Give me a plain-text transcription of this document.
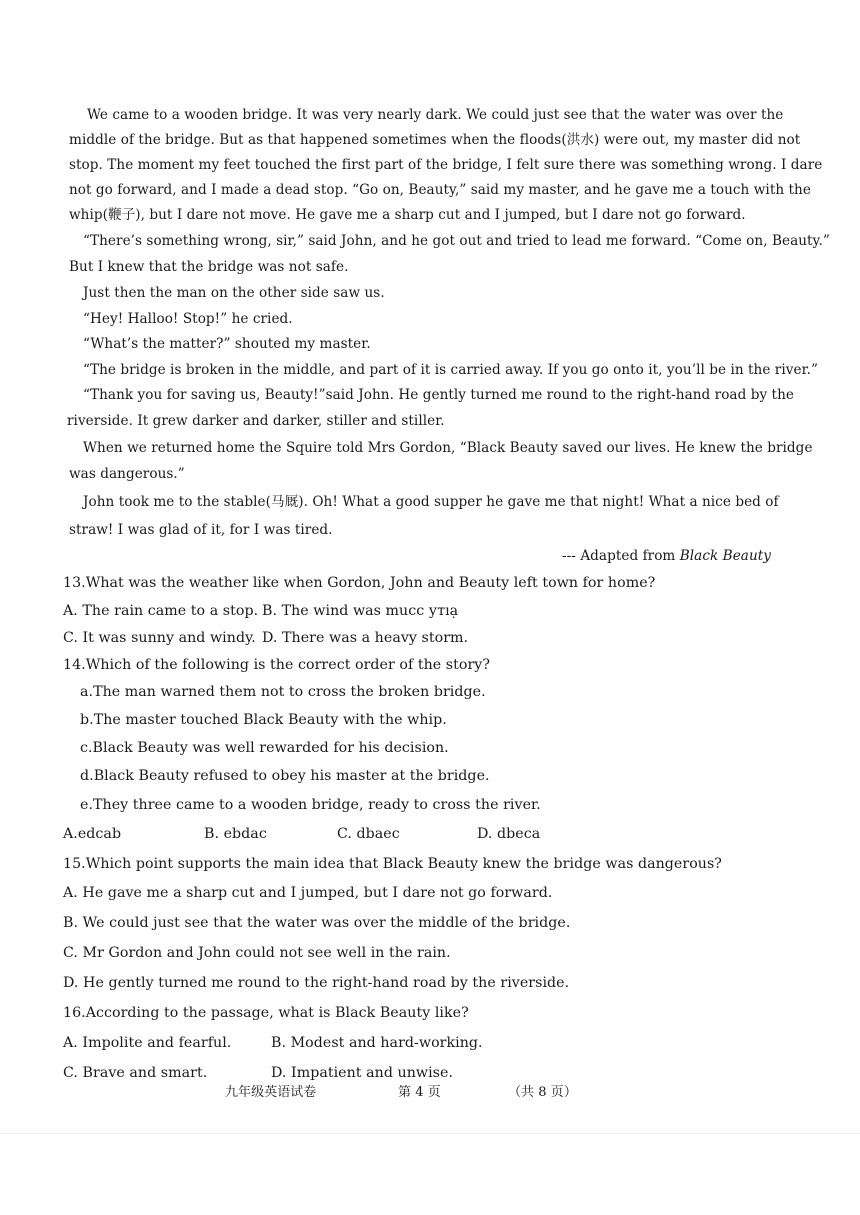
We came to a wooden bridge. It was very nearly dark. We could just see that the water was over the
middle of the bridge. But as that happened sometimes when the floods(洪水) were out, my master did not
stop. The moment my feet touched the first part of the bridge, I felt sure there was something wrong. I dare
not go forward, and I made a dead stop. “Go on, Beauty,” said my master, and he gave me a touch with the
whip(鞭子), but I dare not move. He gave me a sharp cut and I jumped, but I dare not go forward.
“There’s something wrong, sir,” said John, and he got out and tried to lead me forward. “Come on, Beauty.”
But I knew that the bridge was not safe.
Just then the man on the other side saw us.
“Hey! Halloo! Stop!” he cried.
“What’s the matter?” shouted my master.
“The bridge is broken in the middle, and part of it is carried away. If you go onto it, you’ll be in the river.”
“Thank you for saving us, Beauty!”said John. He gently turned me round to the right-hand road by the
riverside. It grew darker and darker, stiller and stiller.
When we returned home the Squire told Mrs Gordon, “Black Beauty saved our lives. He knew the bridge
was dangerous.”
John took me to the stable(马厩). Oh! What a good supper he gave me that night! What a nice bed of
straw! I was glad of it, for I was tired.
--- Adapted from Black Beauty
13.What was the weather like when Gordon, John and Beauty left town for home?
A. The rain came to a stop. B. The wind was mucс утıạ
C. It was sunny and windy. D. There was a heavy storm.
14.Which of the following is the correct order of the story?
a.The man warned them not to cross the broken bridge.
b.The master touched Black Beauty with the whip.
c.Black Beauty was well rewarded for his decision.
d.Black Beauty refused to obey his master at the bridge.
e.They three came to a wooden bridge, ready to cross the river.
A.edcab	B. ebdac	C. dbaec	D. dbeca
15.Which point supports the main idea that Black Beauty knew the bridge was dangerous?
A. He gave me a sharp cut and I jumped, but I dare not go forward.
B. We could just see that the water was over the middle of the bridge.
C. Mr Gordon and John could not see well in the rain.
D. He gently turned me round to the right-hand road by the riverside.
16.According to the passage, what is Black Beauty like?
A. Impolite and fearful.	B. Modest and hard-working.
C. Brave and smart.	D. Impatient and unwise.
九年级英语试卷	第 4 页	（共 8 页）
